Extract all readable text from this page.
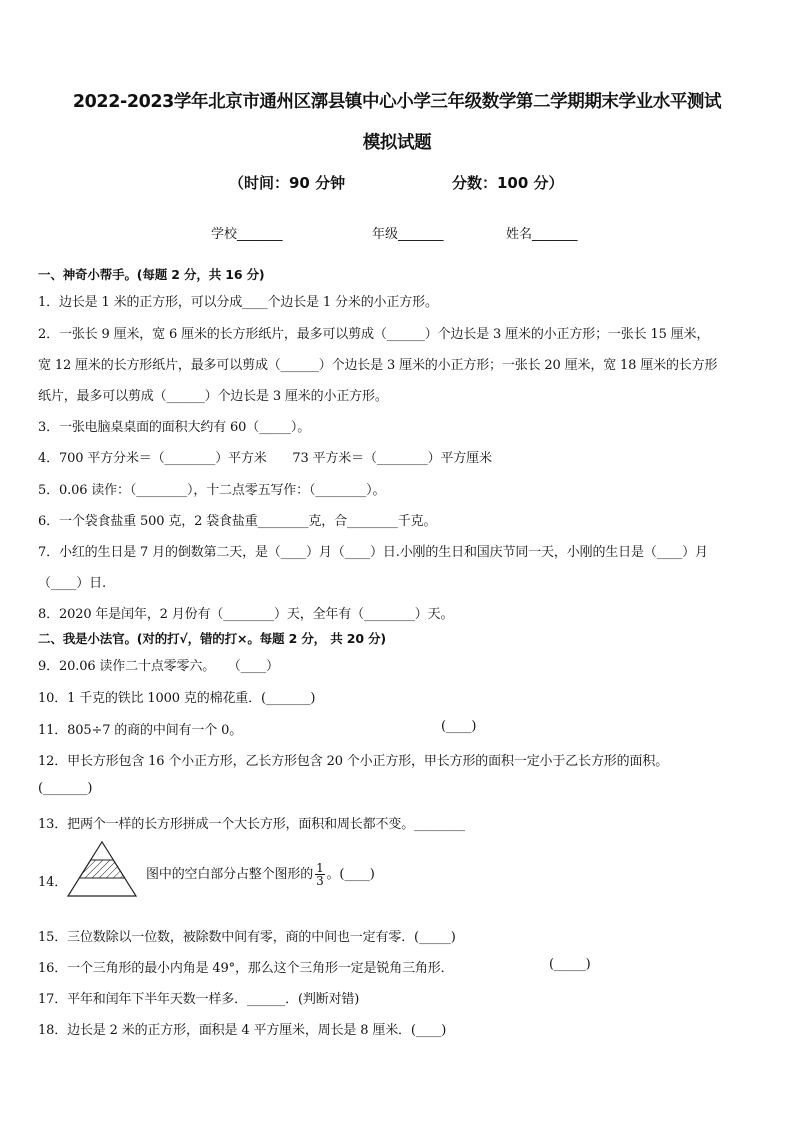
2022-2023学年北京市通州区漷县镇中心小学三年级数学第二学期期末学业水平测试
模拟试题
（时间：90 分钟	分数：100 分）
学校_______	年级_______	姓名_______
一、神奇小帮手。(每题 2 分，共 16 分)
1．边长是 1 米的正方形，可以分成____个边长是 1 分米的小正方形。
2．一张长 9 厘米，宽 6 厘米的长方形纸片，最多可以剪成（______）个边长是 3 厘米的小正方形；一张长 15 厘米，
宽 12 厘米的长方形纸片，最多可以剪成（______）个边长是 3 厘米的小正方形；一张长 20 厘米，宽 18 厘米的长方形
纸片，最多可以剪成（______）个边长是 3 厘米的小正方形。
3．一张电脑桌桌面的面积大约有 60（_____）。
4．700 平方分米＝（________）平方米　　73 平方米＝（________）平方厘米
5．0.06 读作：（________），十二点零五写作：（________）。
6．一个袋食盐重 500 克，2 袋食盐重________克，合________千克。
7．小红的生日是 7 月的倒数第二天，是（____）月（____）日.小刚的生日和国庆节同一天，小刚的生日是（____）月
（____）日.
8．2020 年是闰年，2 月份有（________）天，全年有（________）天。
二、我是小法官。(对的打√，错的打×。每题 2 分， 共 20 分)
9．20.06 读作二十点零零六。　　（____）
10．1 千克的铁比 1000 克的棉花重．(_______)
11．805÷7 的商的中间有一个 0。	(____)
12．甲长方形包含 16 个小正方形，乙长方形包含 20 个小正方形，甲长方形的面积一定小于乙长方形的面积。
(_______)
13．把两个一样的长方形拼成一个大长方形，面积和周长都不变。________
14．
图中的空白部分占整个图形的 $\frac{1}{3}$ 。(____)
15．三位数除以一位数，被除数中间有零，商的中间也一定有零．(_____)
16．一个三角形的最小内角是 49°，那么这个三角形一定是锐角三角形．	(_____)
17．平年和闰年下半年天数一样多．______．(判断对错)
18．边长是 2 米的正方形，面积是 4 平方厘米，周长是 8 厘米．(____)
